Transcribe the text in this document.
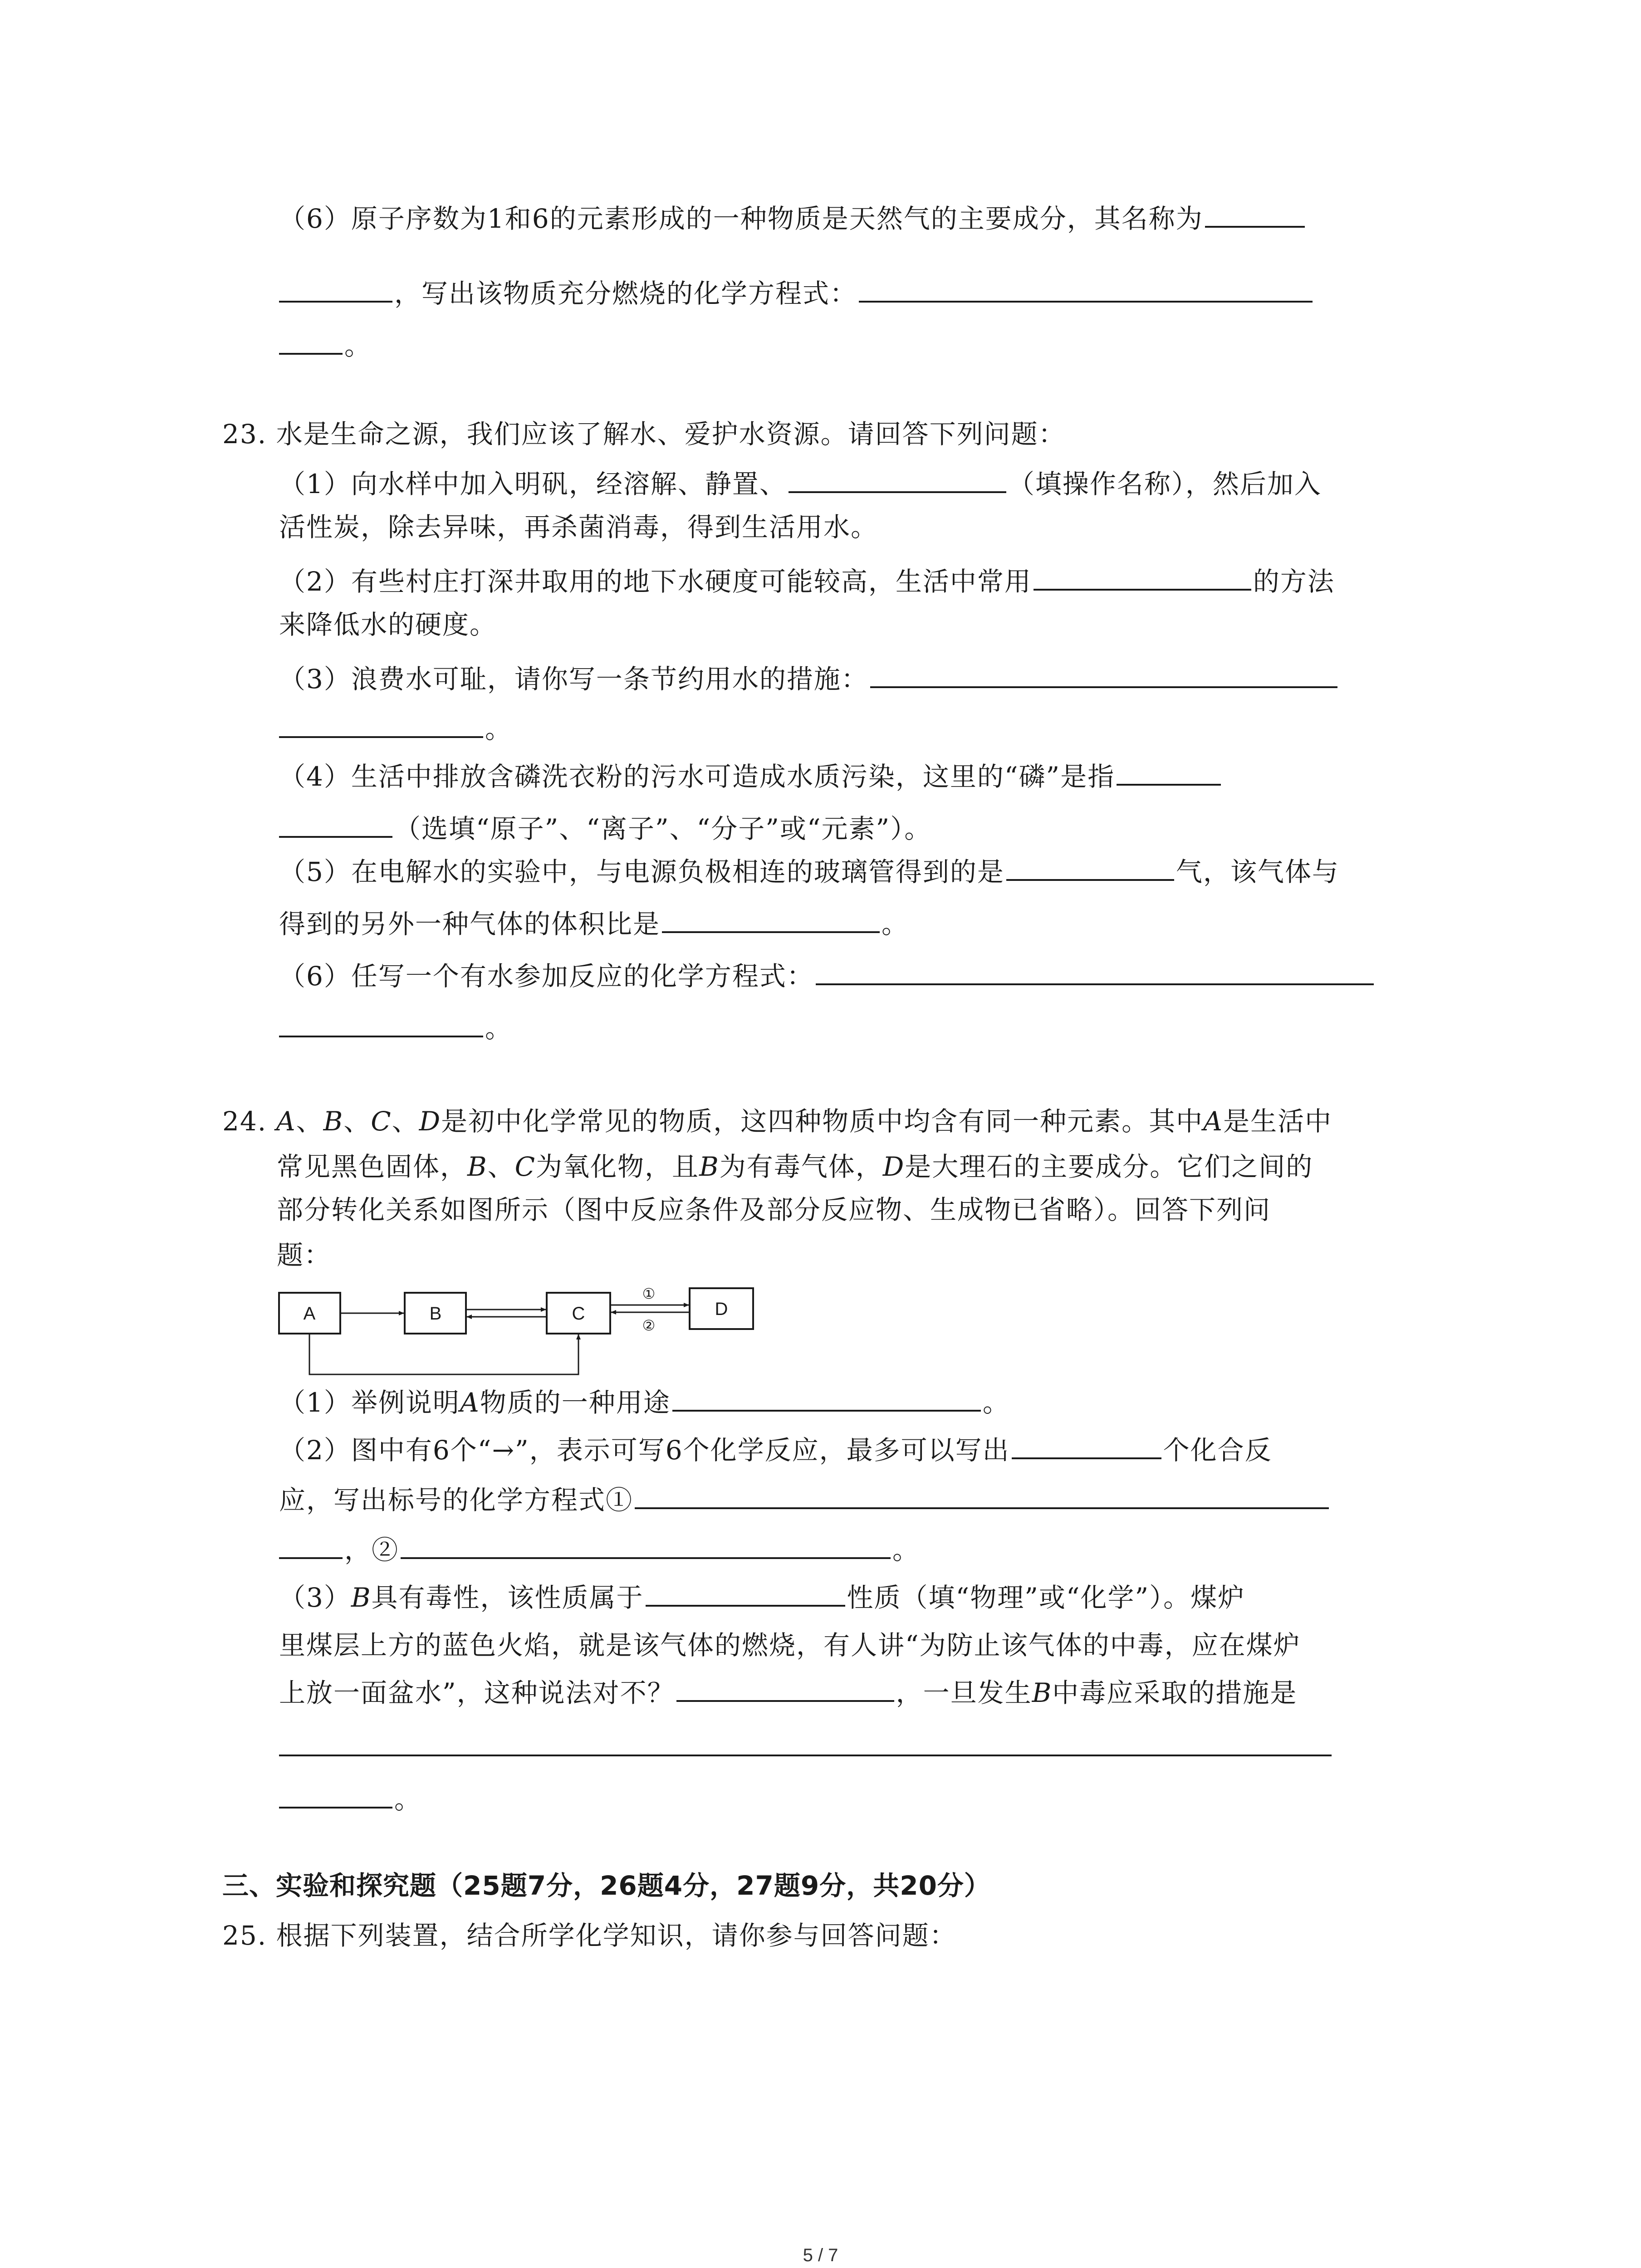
（6）原子序数为1和6的元素形成的一种物质是天然气的主要成分，其名称为
，写出该物质充分燃烧的化学方程式：
。
23. 水是生命之源，我们应该了解水、爱护水资源。请回答下列问题：
（1）向水样中加入明矾，经溶解、静置、	（填操作名称），然后加入
活性炭，除去异味，再杀菌消毒，得到生活用水。
（2）有些村庄打深井取用的地下水硬度可能较高，生活中常用	的方法
来降低水的硬度。
（3）浪费水可耻，请你写一条节约用水的措施：
。
（4）生活中排放含磷洗衣粉的污水可造成水质污染，这里的“磷”是指
（选填“原子”、“离子”、“分子”或“元素”）。
（5）在电解水的实验中，与电源负极相连的玻璃管得到的是	气，该气体与
得到的另外一种气体的体积比是	。
（6）任写一个有水参加反应的化学方程式：
。
24. A、B、C、D是初中化学常见的物质，这四种物质中均含有同一种元素。其中A是生活中
常见黑色固体，B、C为氧化物，且B为有毒气体，D是大理石的主要成分。它们之间的
部分转化关系如图所示（图中反应条件及部分反应物、生成物已省略）。回答下列问
题：
A	B	C	D
①
②
（1）举例说明A物质的一种用途	。
（2）图中有6个“→”，表示可写6个化学反应，最多可以写出	个化合反
应，写出标号的化学方程式①
，②	。
（3）B具有毒性，该性质属于	性质（填“物理”或“化学”）。煤炉
里煤层上方的蓝色火焰，就是该气体的燃烧，有人讲“为防止该气体的中毒，应在煤炉
上放一面盆水”，这种说法对不？	，一旦发生B中毒应采取的措施是
。
三、实验和探究题（25题7分，26题4分，27题9分，共20分）
25. 根据下列装置，结合所学化学知识，请你参与回答问题：
5 / 7
